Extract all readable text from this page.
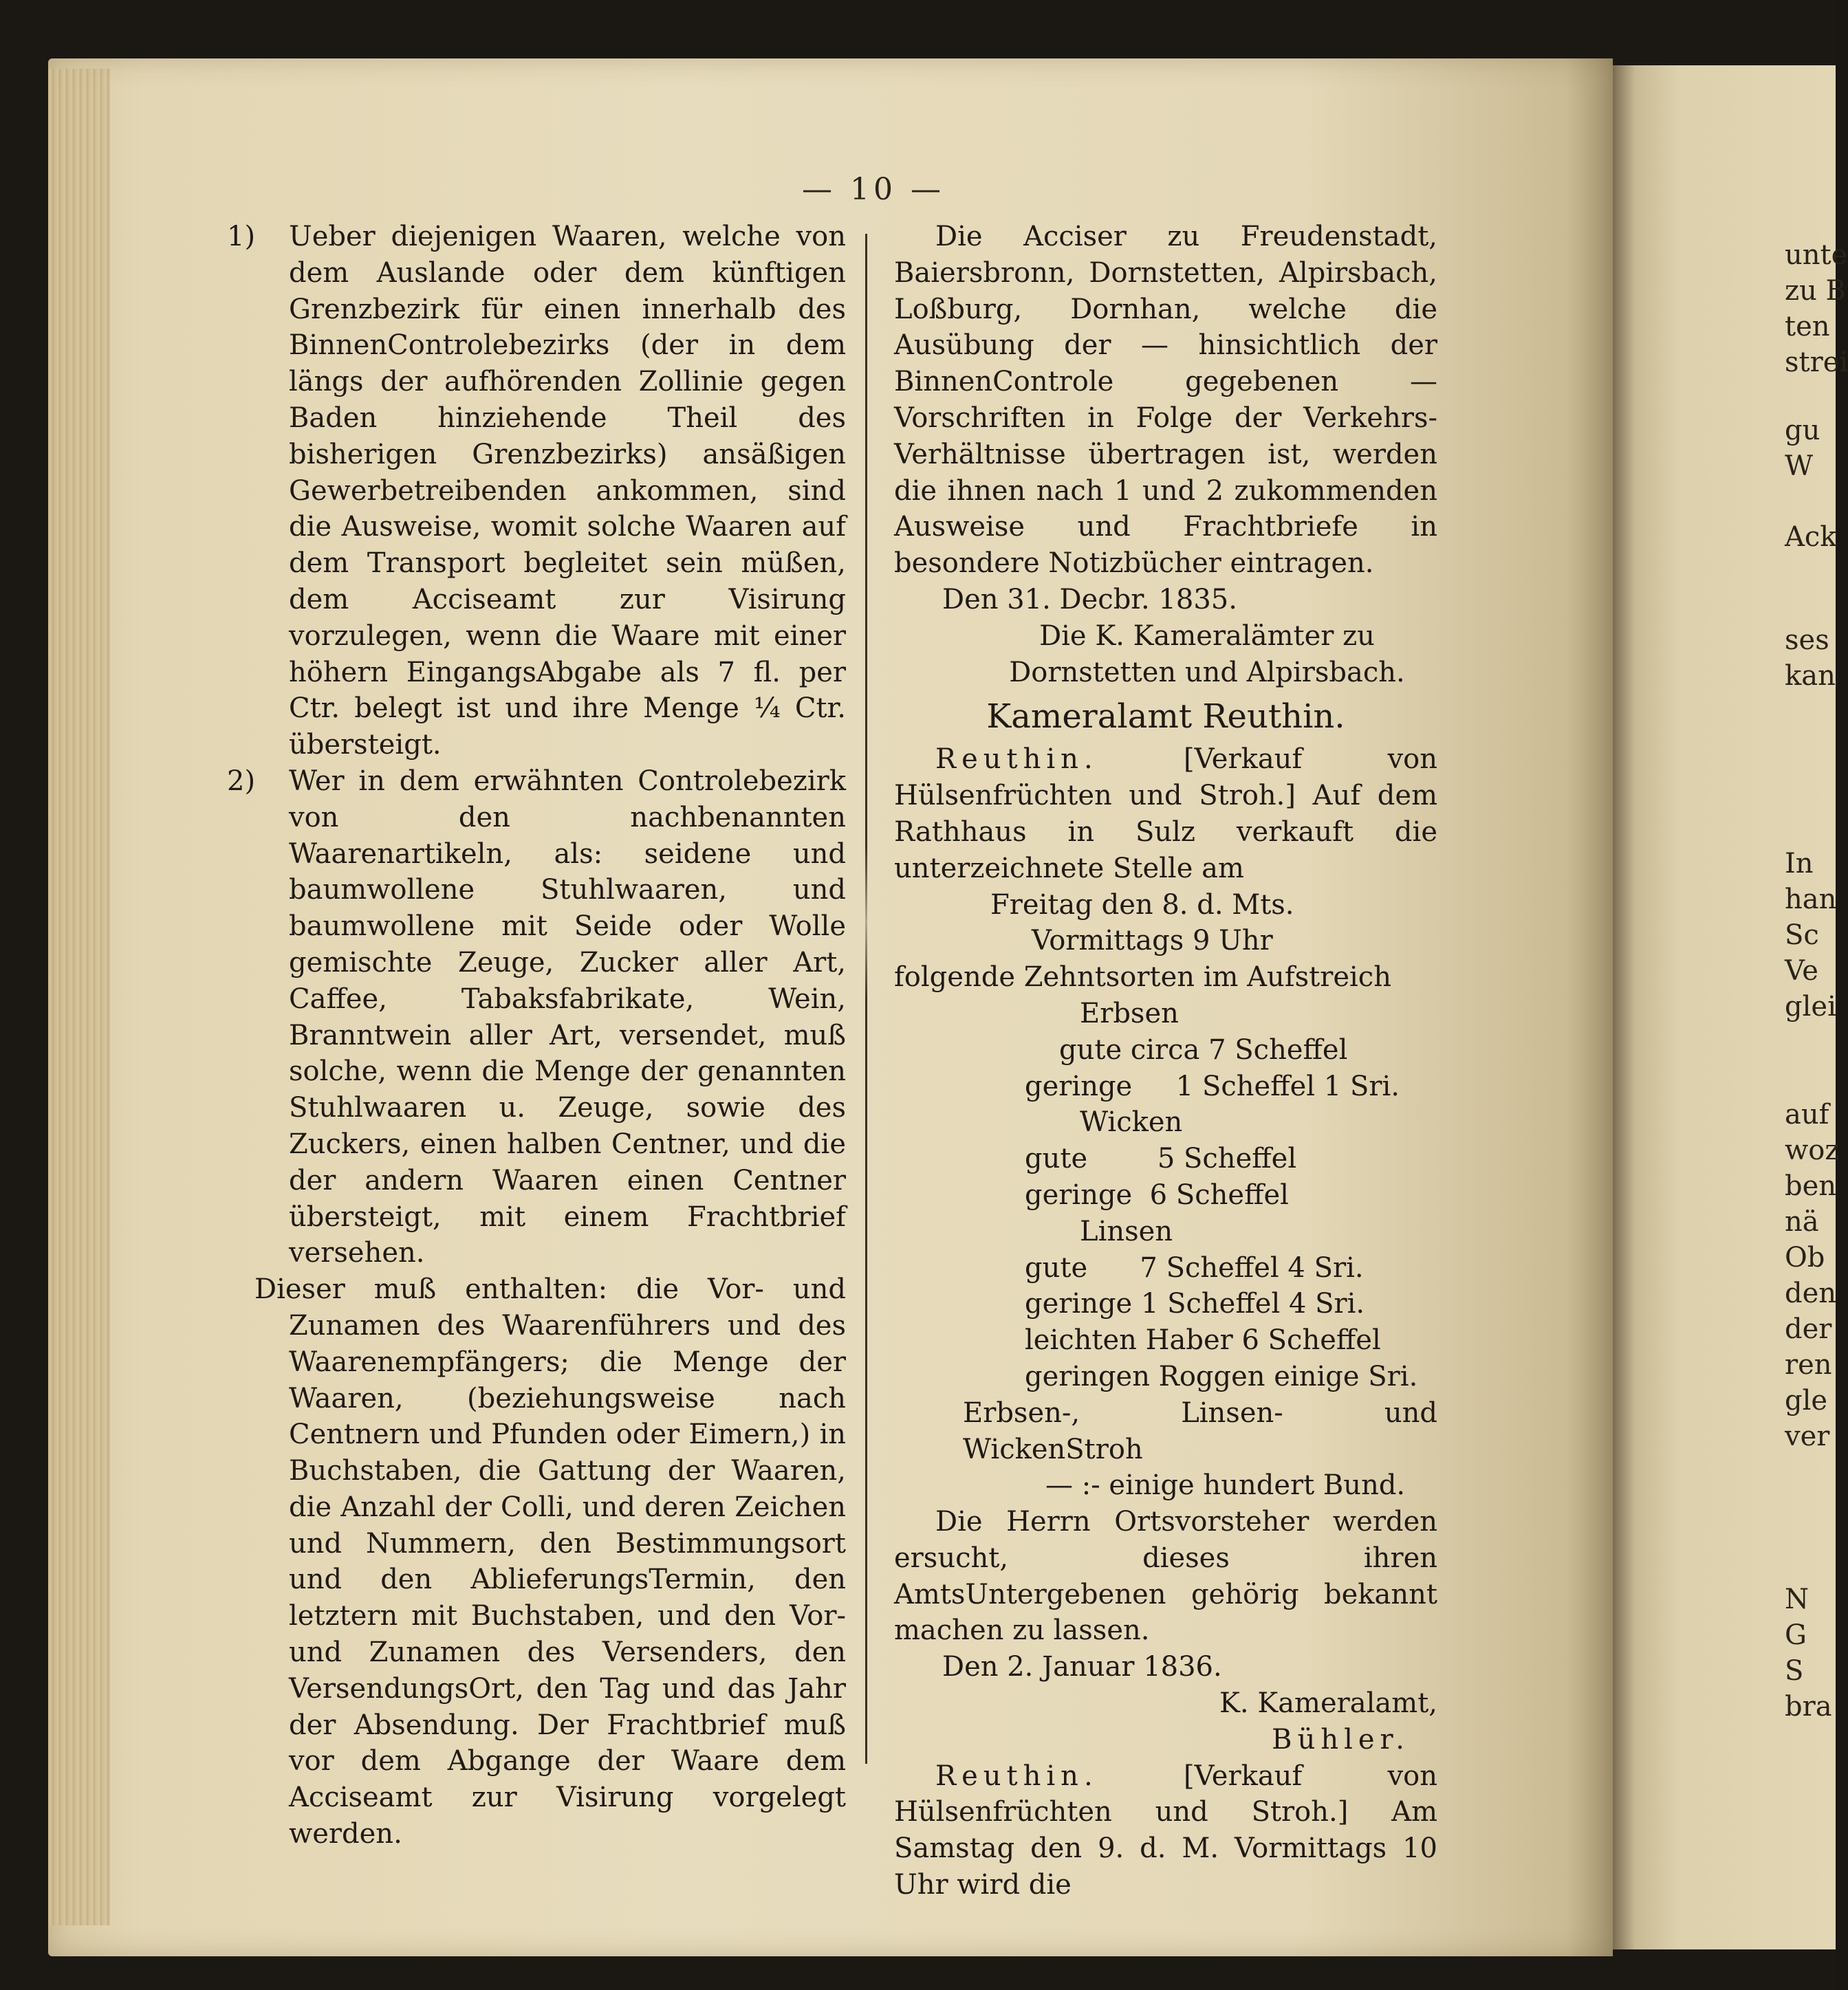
— 10 —
1) Ueber diejenigen Waaren, welche von dem Auslande oder dem künftigen Grenzbezirk für einen innerhalb des BinnenControlebezirks (der in dem längs der aufhörenden Zollinie gegen Baden hinziehende Theil des bisherigen Grenzbezirks) ansäßigen Gewerbetreibenden ankommen, sind die Ausweise, womit solche Waaren auf dem Transport begleitet sein müßen, dem Acciseamt zur Visirung vorzulegen, wenn die Waare mit einer höhern EingangsAbgabe als 7 fl. per Ctr. belegt ist und ihre Menge ¼ Ctr. übersteigt.

2) Wer in dem erwähnten Controlebezirk von den nachbenannten Waarenartikeln, als: seidene und baumwollene Stuhlwaaren, und baumwollene mit Seide oder Wolle gemischte Zeuge, Zucker aller Art, Caffee, Tabaksfabrikate, Wein, Branntwein aller Art, versendet, muß solche, wenn die Menge der genannten Stuhlwaaren u. Zeuge, sowie des Zuckers, einen halben Centner, und die der andern Waaren einen Centner übersteigt, mit einem Frachtbrief versehen.

Dieser muß enthalten: die Vor- und Zunamen des Waarenführers und des Waarenempfängers; die Menge der Waaren, (beziehungsweise nach Centnern und Pfunden oder Eimern,) in Buchstaben, die Gattung der Waaren, die Anzahl der Colli, und deren Zeichen und Nummern, den Bestimmungsort und den AblieferungsTermin, den letztern mit Buchstaben, und den Vor- und Zunamen des Versenders, den VersendungsOrt, den Tag und das Jahr der Absendung. Der Frachtbrief muß vor dem Abgange der Waare dem Acciseamt zur Visirung vorgelegt werden.

Die Acciser zu Freudenstadt, Baiersbronn, Dornstetten, Alpirsbach, Loßburg, Dornhan, welche die Ausübung der — hinsichtlich der BinnenControle gegebenen — Vorschriften in Folge der Verkehrs-Verhältnisse übertragen ist, werden die ihnen nach 1 und 2 zukommenden Ausweise und Frachtbriefe in besondere Notizbücher eintragen.

Den 31. Decbr. 1835.

Die K. Kameralämter zu Dornstetten und Alpirsbach.

Kameralamt Reuthin.

Reuthin.	[Verkauf von Hülsenfrüchten und Stroh.] Auf dem Rathhaus in Sulz verkauft die unterzeichnete Stelle am

Freitag den 8. d. Mts.

Vormittags 9 Uhr

folgende Zehntsorten im Aufstreich

Erbsen
gute circa 7 Scheffel
geringe     1 Scheffel 1 Sri.
Wicken
gute        5 Scheffel
geringe  6 Scheffel
Linsen
gute      7 Scheffel 4 Sri.
geringe 1 Scheffel 4 Sri.
leichten Haber 6 Scheffel
geringen Roggen einige Sri.

Erbsen-, Linsen- und WickenStroh

— :- einige hundert Bund.

Die Herrn Ortsvorsteher werden ersucht, dieses ihren AmtsUntergebenen gehörig bekannt machen zu lassen.

Den 2. Januar 1836.

K. Kameralamt,

Bühler.

Reuthin.	[Verkauf von Hülsenfrüchten und Stroh.] Am Samstag den 9. d. M. Vormittags 10 Uhr wird die

unte
zu B
ten
strei
gu
W
Ack
ses
kan
In
han
Sc
Ve
glei
auf
woz
ben
nä
Ob
den
der
ren
gle
ver
N
G
S
bra
